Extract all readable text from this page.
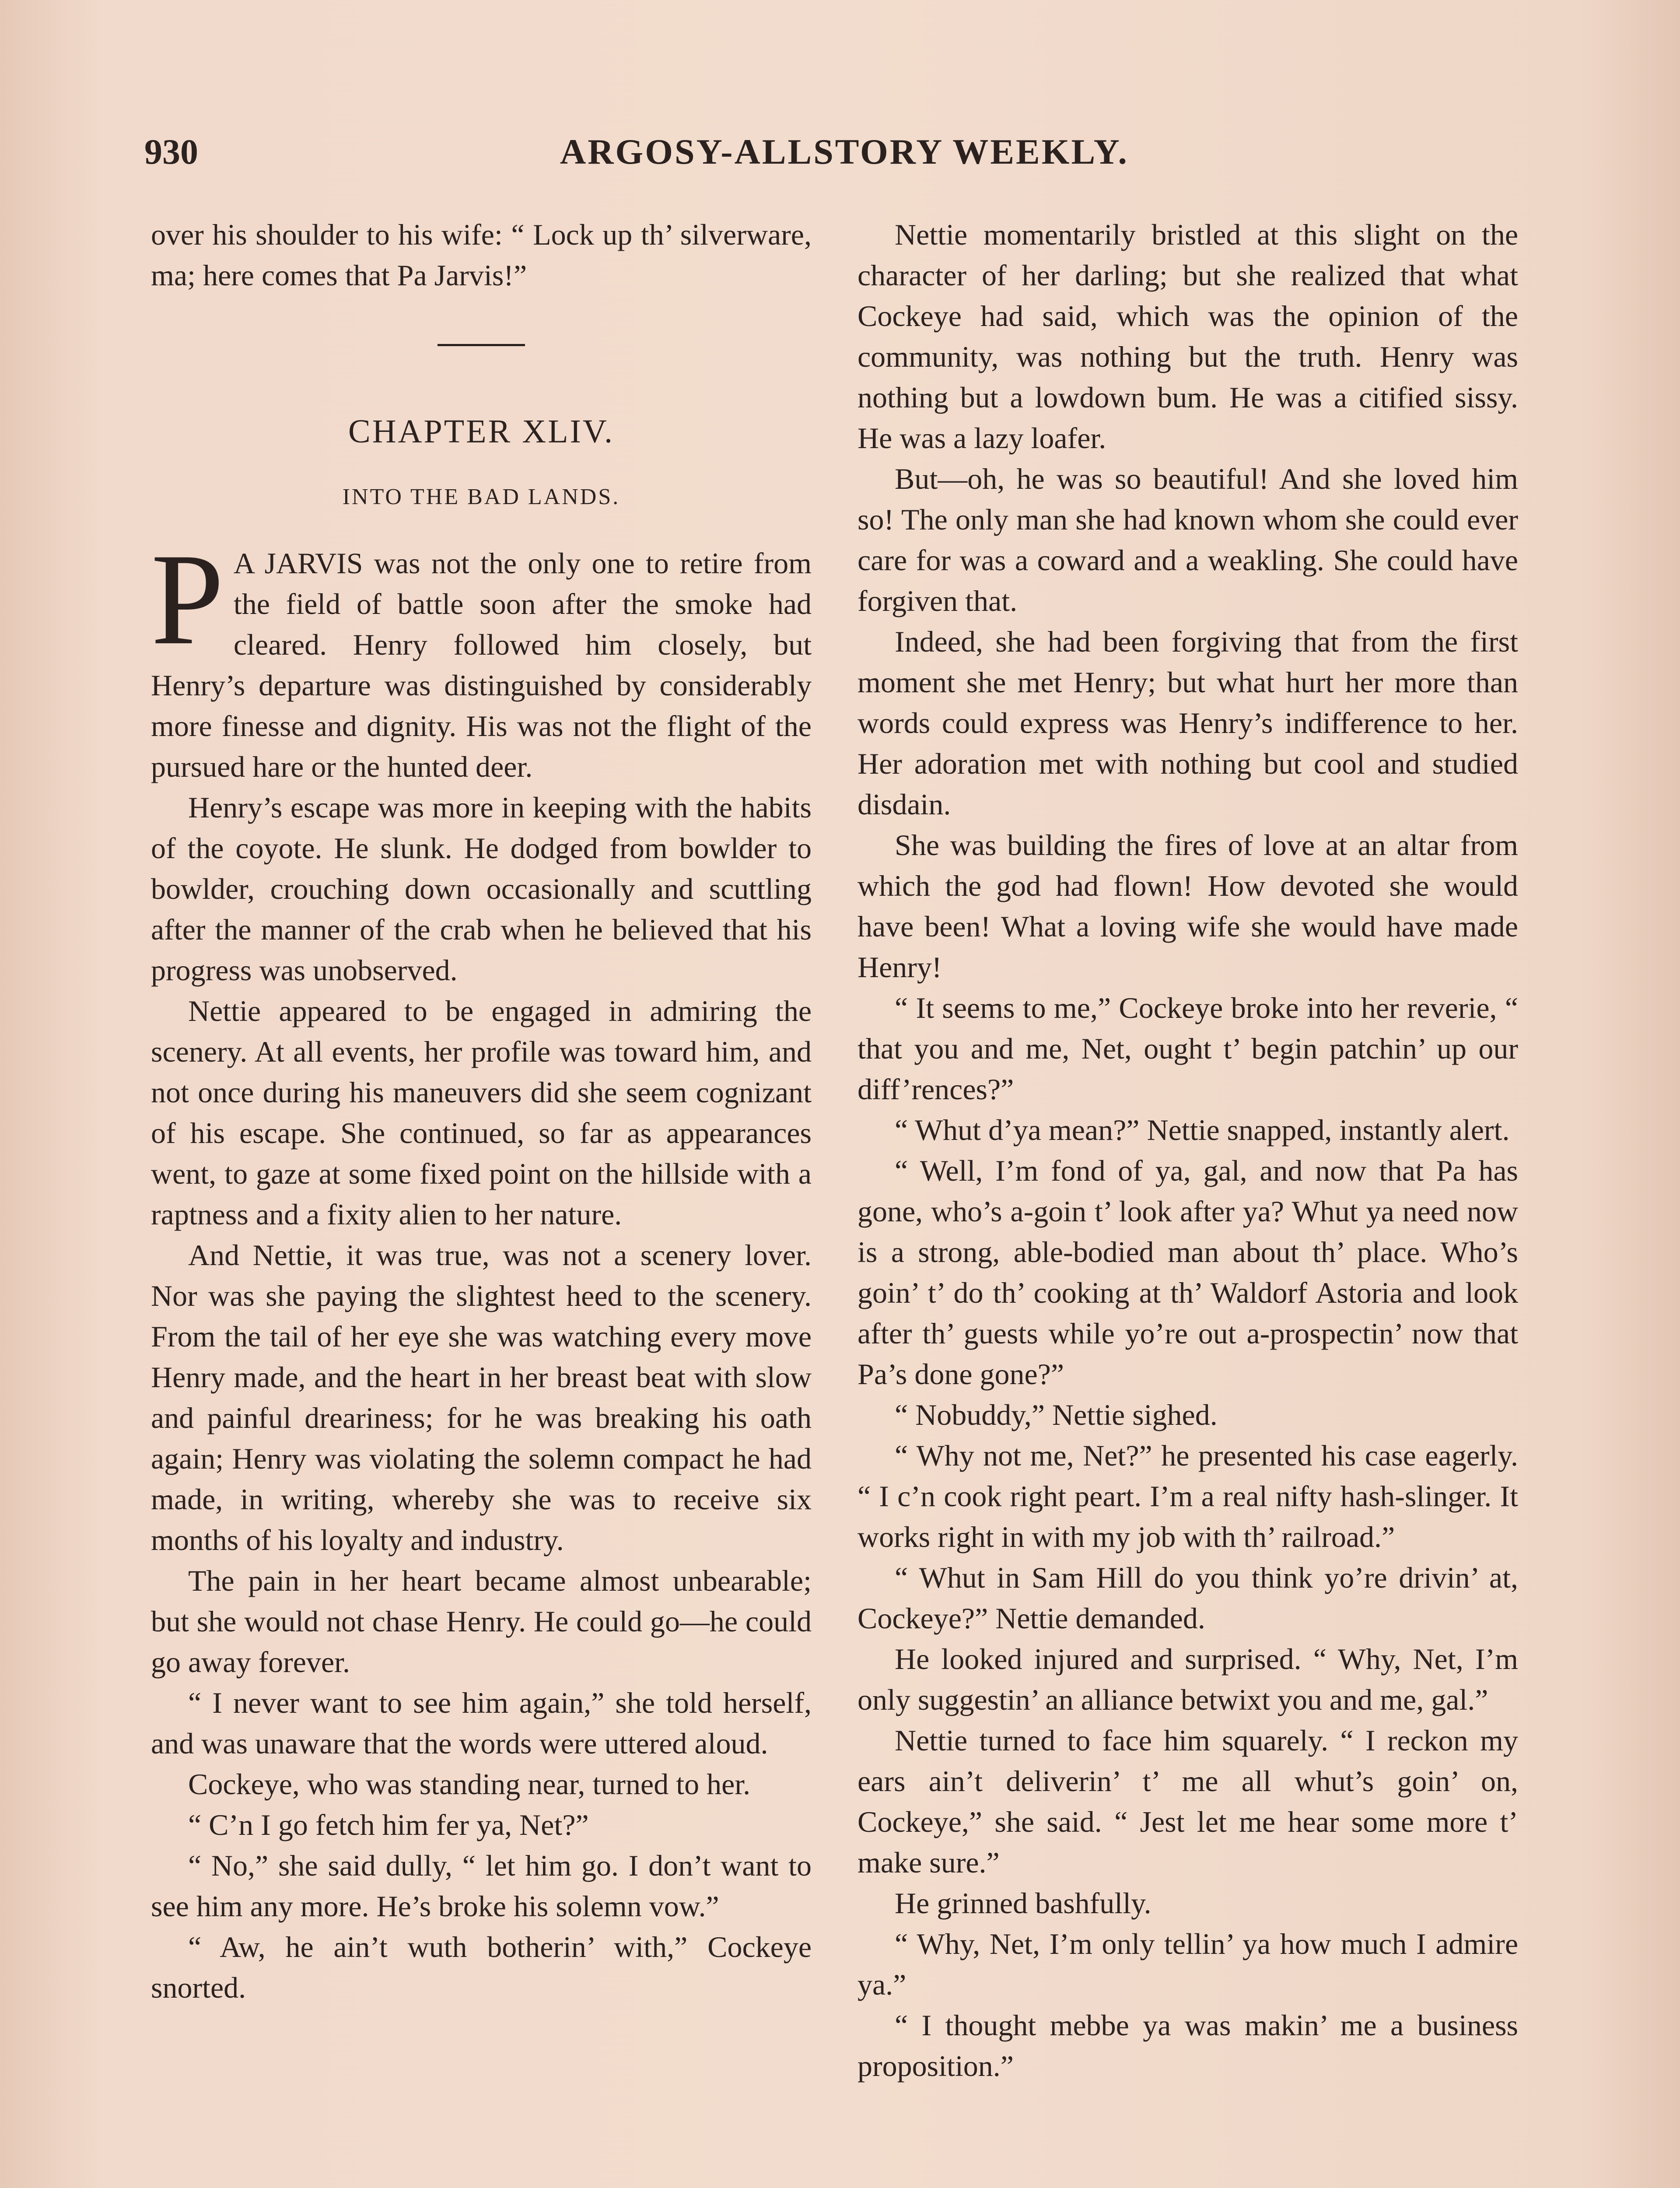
930	ARGOSY-ALLSTORY WEEKLY.

over his shoulder to his wife: “ Lock up th’ silverware, ma; here comes that Pa Jarvis!”

CHAPTER XLIV.
INTO THE BAD LANDS.

P A JARVIS was not the only one to retire from the field of battle soon after the smoke had cleared. Henry followed him closely, but Henry’s departure was distinguished by considerably more finesse and dignity. His was not the flight of the pursued hare or the hunted deer.

Henry’s escape was more in keeping with the habits of the coyote. He slunk. He dodged from bowlder to bowlder, crouching down occasionally and scuttling after the manner of the crab when he believed that his progress was unobserved.

Nettie appeared to be engaged in admiring the scenery. At all events, her profile was toward him, and not once during his maneuvers did she seem cognizant of his escape. She continued, so far as appearances went, to gaze at some fixed point on the hillside with a raptness and a fixity alien to her nature.

And Nettie, it was true, was not a scenery lover. Nor was she paying the slightest heed to the scenery. From the tail of her eye she was watching every move Henry made, and the heart in her breast beat with slow and painful dreariness; for he was breaking his oath again; Henry was violating the solemn compact he had made, in writing, whereby she was to receive six months of his loyalty and industry.

The pain in her heart became almost unbearable; but she would not chase Henry. He could go—he could go away forever.

“ I never want to see him again,” she told herself, and was unaware that the words were uttered aloud.

Cockeye, who was standing near, turned to her.

“ C’n I go fetch him fer ya, Net?”

“ No,” she said dully, “ let him go. I don’t want to see him any more. He’s broke his solemn vow.”

“ Aw, he ain’t wuth botherin’ with,” Cockeye snorted.

Nettie momentarily bristled at this slight on the character of her darling; but she realized that what Cockeye had said, which was the opinion of the community, was nothing but the truth. Henry was nothing but a lowdown bum. He was a citified sissy. He was a lazy loafer.

But—oh, he was so beautiful! And she loved him so! The only man she had known whom she could ever care for was a coward and a weakling. She could have forgiven that.

Indeed, she had been forgiving that from the first moment she met Henry; but what hurt her more than words could express was Henry’s indifference to her. Her adoration met with nothing but cool and studied disdain.

She was building the fires of love at an altar from which the god had flown! How devoted she would have been! What a loving wife she would have made Henry!

“ It seems to me,” Cockeye broke into her reverie, “ that you and me, Net, ought t’ begin patchin’ up our diff’rences?”

“ Whut d’ya mean?” Nettie snapped, instantly alert.

“ Well, I’m fond of ya, gal, and now that Pa has gone, who’s a-goin t’ look after ya? Whut ya need now is a strong, able-bodied man about th’ place. Who’s goin’ t’ do th’ cooking at th’ Waldorf Astoria and look after th’ guests while yo’re out a-prospectin’ now that Pa’s done gone?”

“ Nobuddy,” Nettie sighed.

“ Why not me, Net?” he presented his case eagerly. “ I c’n cook right peart. I’m a real nifty hash-slinger. It works right in with my job with th’ railroad.”

“ Whut in Sam Hill do you think yo’re drivin’ at, Cockeye?” Nettie demanded.

He looked injured and surprised. “ Why, Net, I’m only suggestin’ an alliance betwixt you and me, gal.”

Nettie turned to face him squarely. “ I reckon my ears ain’t deliverin’ t’ me all whut’s goin’ on, Cockeye,” she said. “ Jest let me hear some more t’ make sure.”

He grinned bashfully.

“ Why, Net, I’m only tellin’ ya how much I admire ya.”

“ I thought mebbe ya was makin’ me a business proposition.”
